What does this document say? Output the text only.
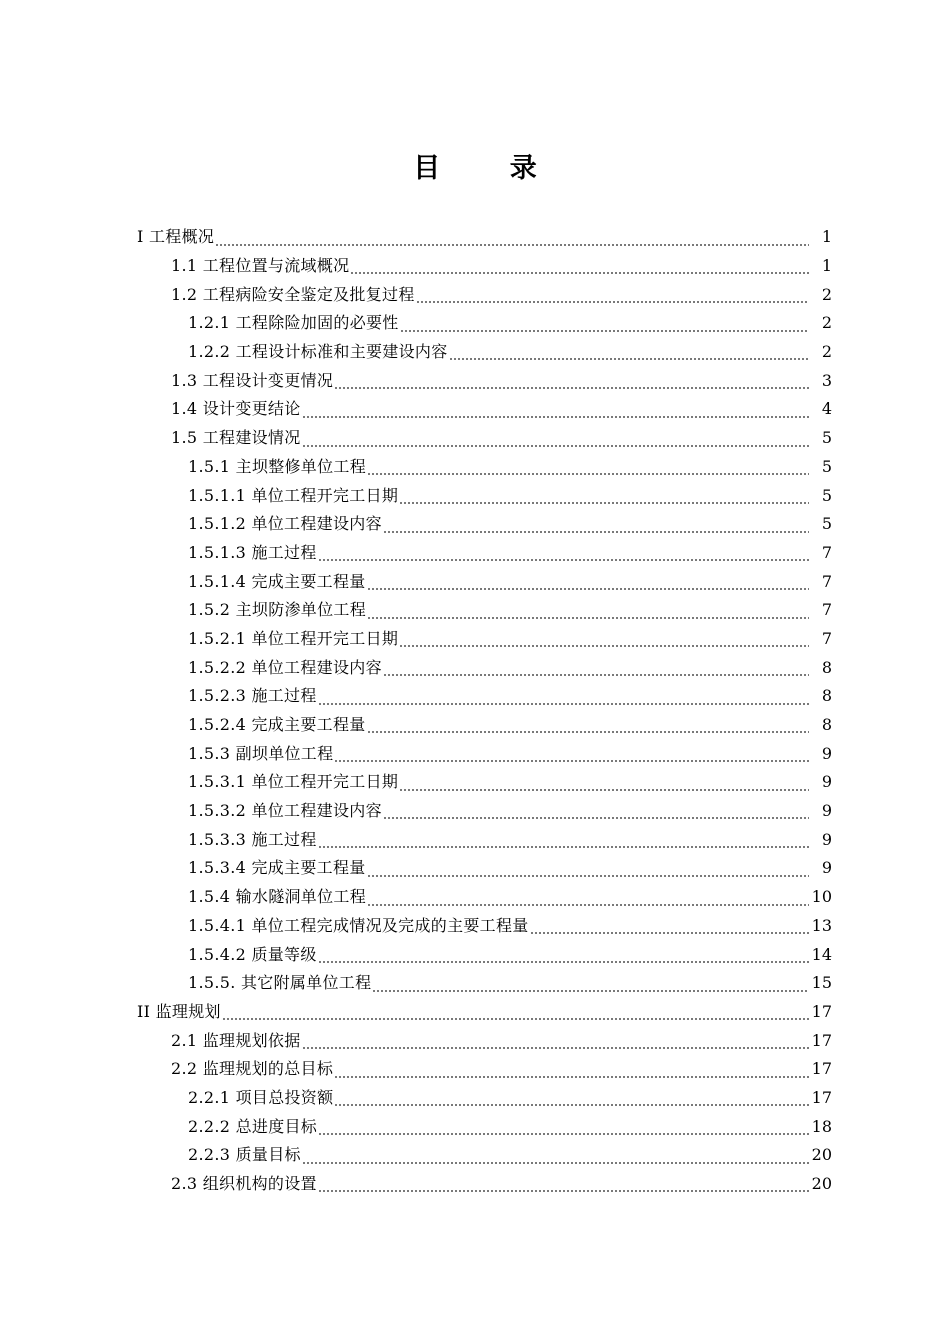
目 录
I 工程概况	1
1.1 工程位置与流域概况	1
1.2 工程病险安全鉴定及批复过程	2
1.2.1 工程除险加固的必要性	2
1.2.2 工程设计标准和主要建设内容	2
1.3 工程设计变更情况	3
1.4 设计变更结论	4
1.5 工程建设情况	5
1.5.1 主坝整修单位工程	5
1.5.1.1 单位工程开完工日期	5
1.5.1.2 单位工程建设内容	5
1.5.1.3 施工过程	7
1.5.1.4 完成主要工程量	7
1.5.2 主坝防渗单位工程	7
1.5.2.1 单位工程开完工日期	7
1.5.2.2 单位工程建设内容	8
1.5.2.3 施工过程	8
1.5.2.4 完成主要工程量	8
1.5.3 副坝单位工程	9
1.5.3.1 单位工程开完工日期	9
1.5.3.2 单位工程建设内容	9
1.5.3.3 施工过程	9
1.5.3.4 完成主要工程量	9
1.5.4 输水隧洞单位工程	10
1.5.4.1 单位工程完成情况及完成的主要工程量	13
1.5.4.2 质量等级	14
1.5.5. 其它附属单位工程	15
II 监理规划	17
2.1 监理规划依据	17
2.2 监理规划的总目标	17
2.2.1 项目总投资额	17
2.2.2 总进度目标	18
2.2.3 质量目标	20
2.3 组织机构的设置	20
